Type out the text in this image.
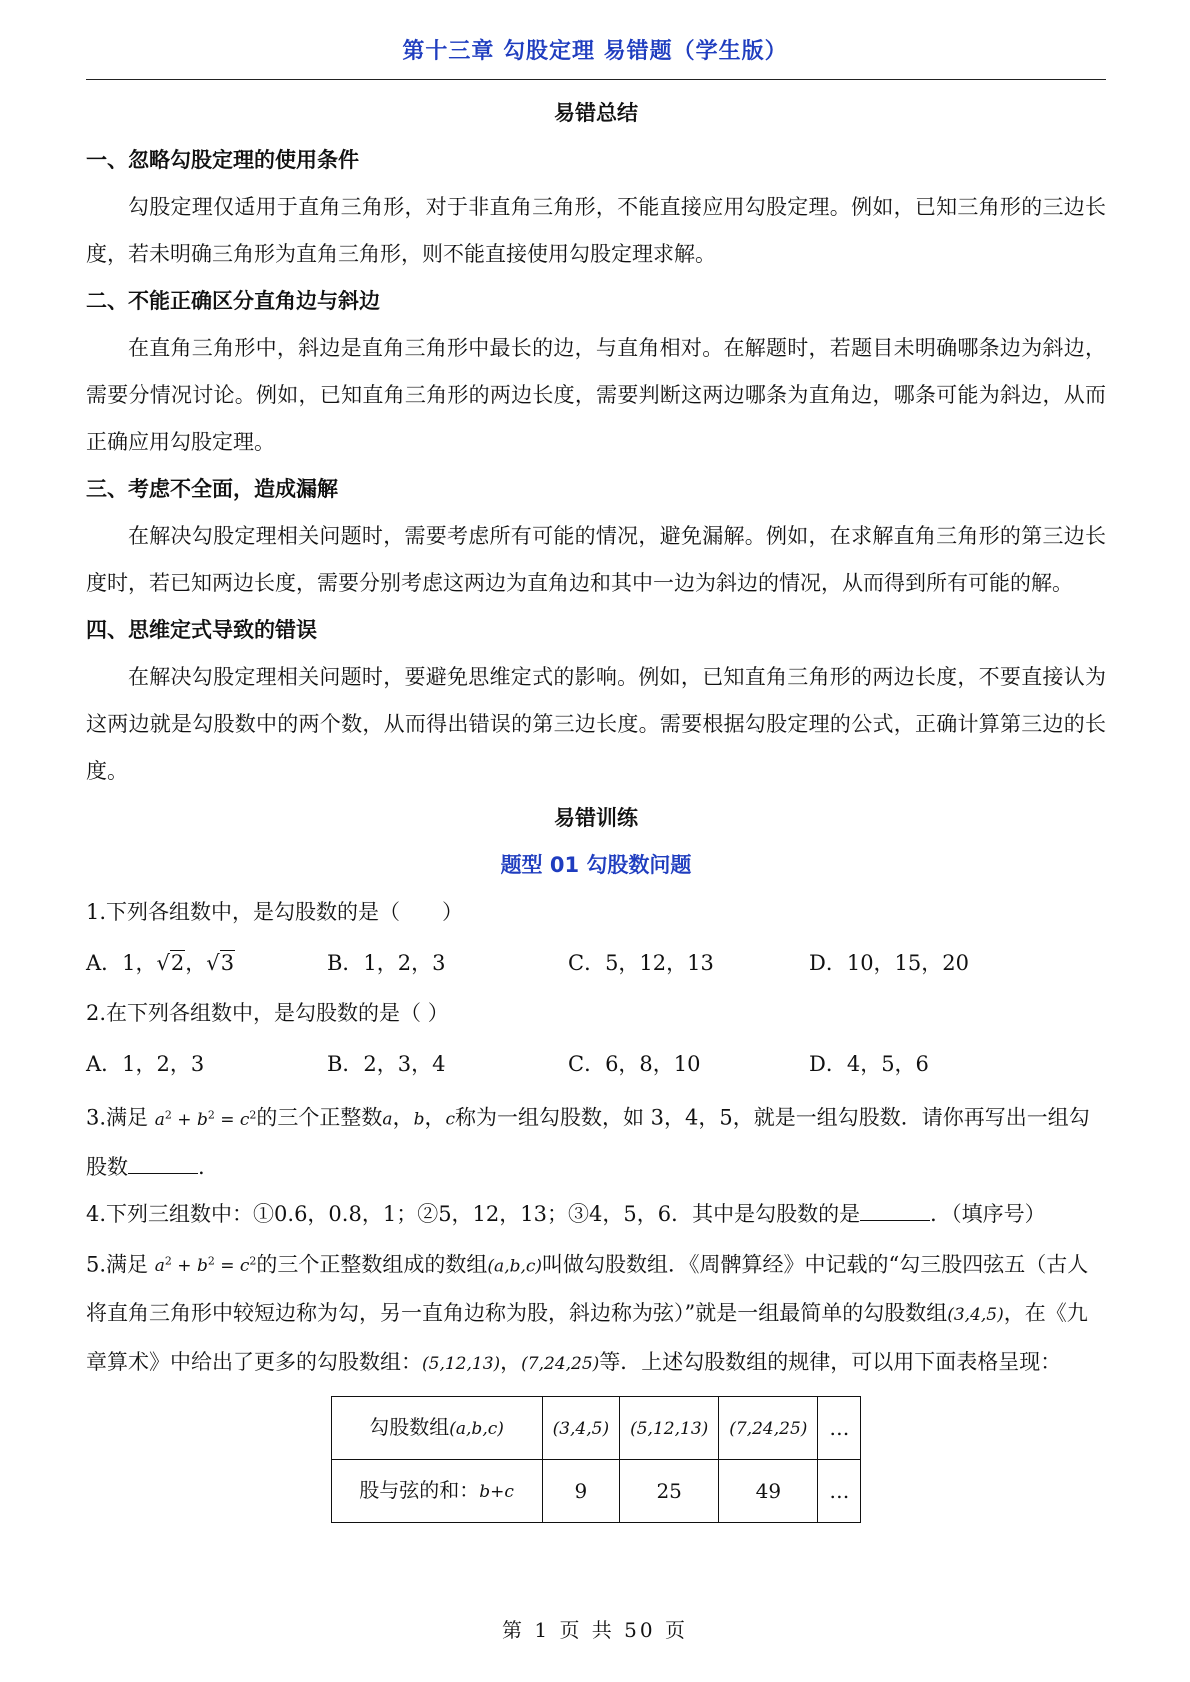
第十三章 勾股定理 易错题（学生版）
易错总结
一、忽略勾股定理的使用条件

勾股定理仅适用于直角三角形，对于非直角三角形，不能直接应用勾股定理。例如，已知三角形的三边长度，若未明确三角形为直角三角形，则不能直接使用勾股定理求解。

二、不能正确区分直角边与斜边

在直角三角形中，斜边是直角三角形中最长的边，与直角相对。在解题时，若题目未明确哪条边为斜边，需要分情况讨论。例如，已知直角三角形的两边长度，需要判断这两边哪条为直角边，哪条可能为斜边，从而正确应用勾股定理。

三、考虑不全面，造成漏解

在解决勾股定理相关问题时，需要考虑所有可能的情况，避免漏解。例如，在求解直角三角形的第三边长度时，若已知两边长度，需要分别考虑这两边为直角边和其中一边为斜边的情况，从而得到所有可能的解。

四、思维定式导致的错误

在解决勾股定理相关问题时，要避免思维定式的影响。例如，已知直角三角形的两边长度，不要直接认为这两边就是勾股数中的两个数，从而得出错误的第三边长度。需要根据勾股定理的公式，正确计算第三边的长度。

易错训练
题型 01 勾股数问题

1.下列各组数中，是勾股数的是（　　）

A．1，√2，√3	B．1，2，3	C．5，12，13	D．10，15，20

2.在下列各组数中，是勾股数的是（ ）

A．1，2，3	B．2，3，4	C．6，8，10	D．4，5，6

3.满足 $a^2 + b^2 = c^2$的三个正整数a，b，c称为一组勾股数，如 3，4，5，就是一组勾股数．请你再写出一组勾股数	.

4.下列三组数中：①0.6，0.8，1；②5，12，13；③4，5，6．其中是勾股数的是	．（填序号）

5.满足 $a^2 + b^2 = c^2$的三个正整数组成的数组(a,b,c)叫做勾股数组．《周髀算经》中记载的“勾三股四弦五（古人将直角三角形中较短边称为勾，另一直角边称为股，斜边称为弦）”就是一组最简单的勾股数组(3,4,5)，在《九章算术》中给出了更多的勾股数组：(5,12,13)，(7,24,25)等．上述勾股数组的规律，可以用下面表格呈现：

勾股数组(a,b,c)	(3,4,5)	(5,12,13)	(7,24,25)	…
股与弦的和：b+c	9	25	49	…
第 1 页 共 50 页
